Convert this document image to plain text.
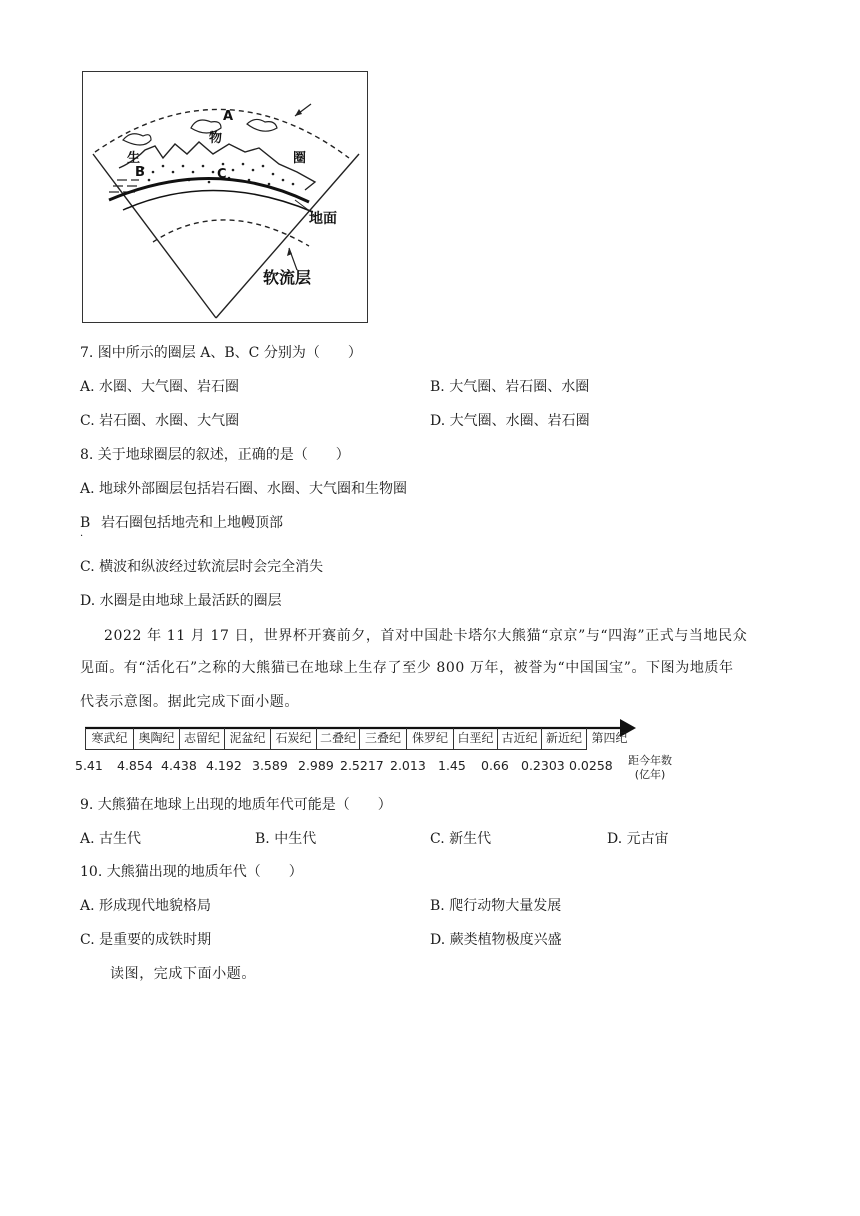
A
物
生	圈
B	C
地面
软流层
7. 图中所示的圈层 A、B、C 分别为（　　）
A. 水圈、大气圈、岩石圈	B. 大气圈、岩石圈、水圈
C. 岩石圈、水圈、大气圈	D. 大气圈、水圈、岩石圈
8. 关于地球圈层的叙述，正确的是（　　）
A. 地球外部圈层包括岩石圈、水圈、大气圈和生物圈
B
·
岩石圈包括地壳和上地幔顶部
C. 横波和纵波经过软流层时会完全消失
D. 水圈是由地球上最活跃的圈层
2022 年 11 月 17 日，世界杯开赛前夕，首对中国赴卡塔尔大熊猫“京京”与“四海”正式与当地民众
见面。有“活化石”之称的大熊猫已在地球上生存了至少 800 万年，被誉为“中国国宝”。下图为地质年
代表示意图。据此完成下面小题。
寒武纪 奥陶纪 志留纪 泥盆纪 石炭纪 二叠纪 三叠纪 侏罗纪 白垩纪 古近纪 新近纪 第四纪
5.41 4.854 4.438 4.192 3.589 2.989 2.5217 2.013 1.45 0.66 0.2303 0.0258	距今年数
(亿年)
9. 大熊猫在地球上出现的地质年代可能是（　　）
A. 古生代	B. 中生代	C. 新生代	D. 元古宙
10. 大熊猫出现的地质年代（　　）
A. 形成现代地貌格局	B. 爬行动物大量发展
C. 是重要的成铁时期	D. 蕨类植物极度兴盛
读图，完成下面小题。
